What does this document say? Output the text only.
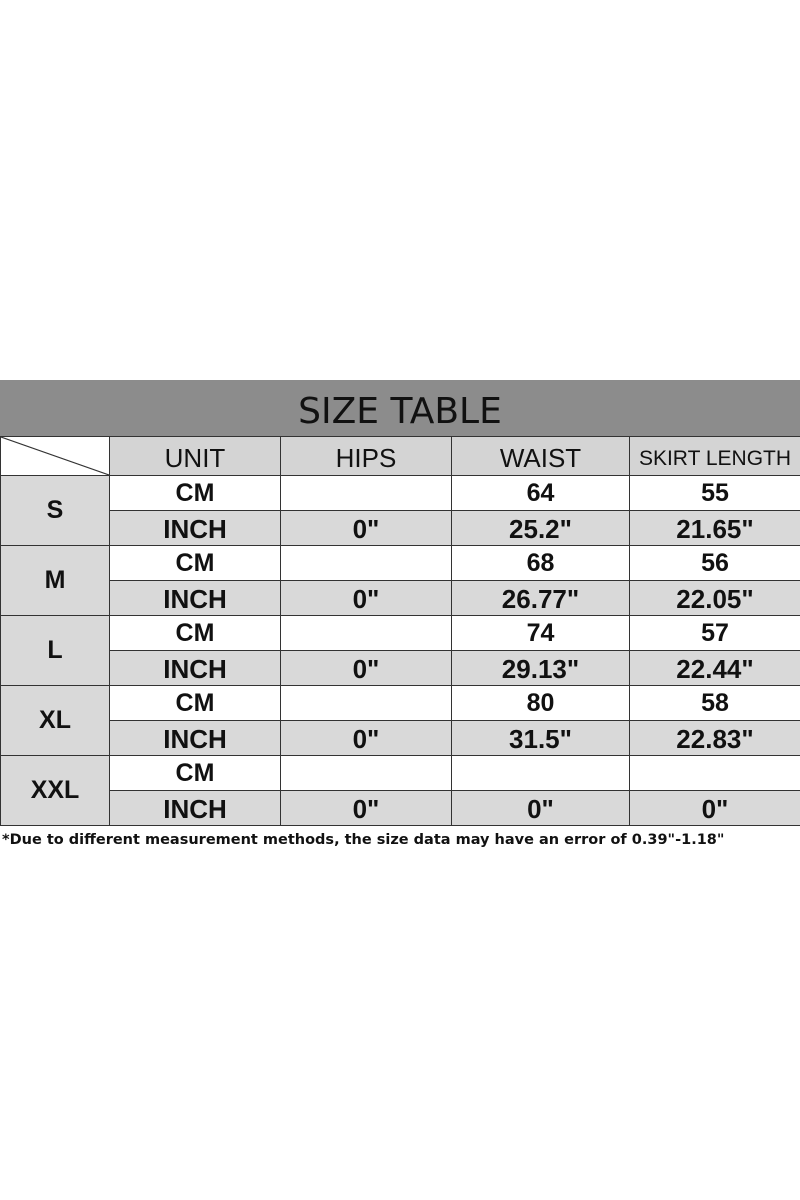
SIZE TABLE
	UNIT	HIPS	WAIST	SKIRT LENGTH
S	CM		64	55
	INCH	0"	25.2"	21.65"
M	CM		68	56
	INCH	0"	26.77"	22.05"
L	CM		74	57
	INCH	0"	29.13"	22.44"
XL	CM		80	58
	INCH	0"	31.5"	22.83"
XXL	CM			
	INCH	0"	0"	0"
*Due to different measurement methods, the size data may have an error of 0.39"-1.18"
